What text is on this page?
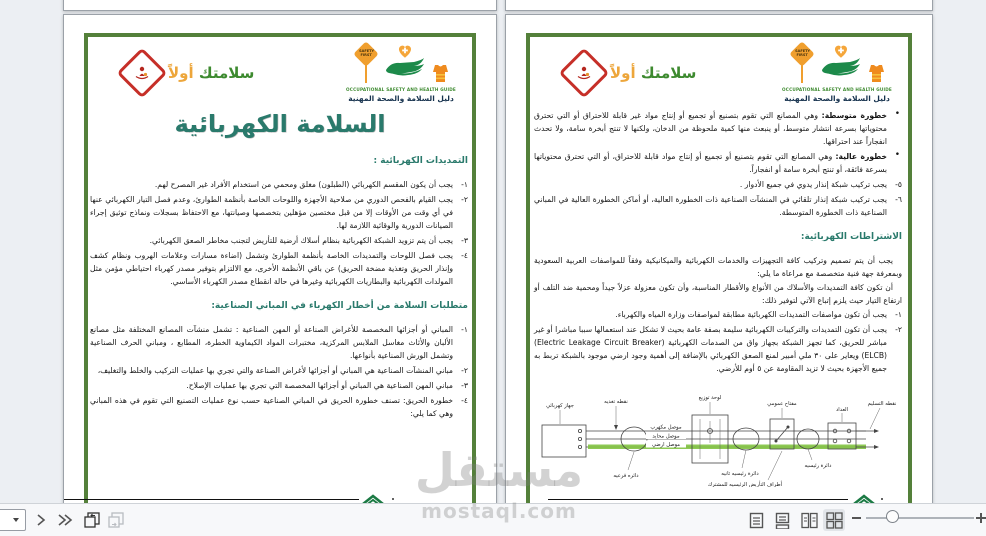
سلامتك أولاً
SAFETY FIRST
OCCUPATIONAL SAFETY AND HEALTH GUIDE
دليل السلامة والصحة المهنية
السلامة الكهربائية
التمديدات الكهربائية :
١-
يجب أن يكون المقسم الكهربائي (الطبلون) مغلق ومحمي من استخدام الأفراد غير المصرح لهم.
٢-
يجب القيام بالفحص الدوري من صلاحية الأجهزة واللوحات الخاصة بأنظمة الطوارئ، وعدم فصل التيار الكهربائي عنها في أي وقت من الأوقات إلا من قبل مختصين مؤهلين بتخصصها وصيانتها، مع الاحتفاظ بسجلات ونماذج توثيق إجراء الصيانات الدورية والوقائية اللازمة لها.
٣-
يجب أن يتم تزويد الشبكة الكهربائية بنظام أسلاك أرضية للتأريض لتجنب مخاطر الصعق الكهربائي.
٤-
يجب فصل اللوحات والتمديدات الخاصة بأنظمة الطوارئ وتشمل (اضاءة مسارات وعلامات الهروب ونظام كشف وإنذار الحريق وتغذية مضخة الحريق) عن باقي الأنظمة الأخرى، مع الالتزام بتوفير مصدر كهرباء احتياطي مؤمن مثل المولدات الكهربائية والبطاريات الكهربائية وغيرها في حالة انقطاع مصدر الكهرباء الأساسي.
متطلبات السلامة من أخطار الكهرباء في المباني الصناعية:
١-
المباني أو أجزائها المخصصة للأغراض الصناعة أو المهن الصناعية : تشمل منشآت المصانع المختلفة مثل مصانع الألبان والأثاث مغاسل الملابس المركزية، مختبرات المواد الكيماوية الخطرة، المطابع ، ومباني الحرف الصناعية وتشمل الورش الصناعية بأنواعها.
٢-
مباني المنشآت الصناعية هي المباني أو أجزائها لأغراض الصناعة والتي تجري بها عمليات التركيب والخلط والتغليف،
٣-
مباني المهن الصناعية هي المباني أو أجزائها المخصصة التي تجري بها عمليات الإصلاح.
٤-
خطورة الحريق: تصنف خطورة الحريق في المباني الصناعية حسب نوع عمليات التصنيع التي تقوم في هذه المباني وهي كما يلي:
سلامتك أولاً
SAFETY FIRST
OCCUPATIONAL SAFETY AND HEALTH GUIDE
دليل السلامة والصحة المهنية
•
خطورة متوسطة: وهي المصانع التي تقوم بتصنيع أو تجميع أو إنتاج مواد غير قابلة للاحتراق أو التي تحترق محتوياتها بسرعة انتشار متوسط، أو ينبعث منها كمية ملحوظة من الدخان، ولكنها لا تنتج أبخرة سامة، ولا تحدث انفجاراً عند احتراقها.
•
خطورة عالية: وهي المصانع التي تقوم بتصنيع أو تجميع أو إنتاج مواد قابلة للاحتراق، أو التي تحترق محتوياتها بسرعة فائقة، أو تنتج أبخرة سامة أو انفجاراً.
٥-
يجب تركيب شبكة إنذار يدوي في جميع الأدوار .
٦-
يجب تركيب شبكة إنذار تلقائي في المنشآت الصناعية ذات الخطورة العالية، أو أماكن الخطورة العالية في المباني الصناعية ذات الخطورة المتوسطة.
الاشتراطات الكهربائية:
يجب أن يتم تصميم وتركيب كافة التجهيزات والخدمات الكهربائية والميكانيكية وفقاً للمواصفات العربية السعودية وبمعرفة جهة فنية متخصصة مع مراعاة ما يلي:
أن تكون كافة التمديدات والأسلاك من الأنواع والأقطار المناسبة، وأن تكون معزولة عزلاً جيداً ومحمية ضد التلف أو ارتفاع التيار حيث يلزم إتباع الآتي لتوفير ذلك:
١-
يجب أن تكون مواصفات التمديدات الكهربائية مطابقة لمواصفات وزارة المياه والكهرباء.
٢-
يجب أن تكون التمديدات والتركيبات الكهربائية سليمة بصفة عامة بحيث لا تشكل عند استعمالها سببا مباشرا أو غير مباشر للحريق، كما تجهز الشبكة بجهاز واق من الصدمات الكهربائية (Electric Leakage Circuit Breaker) (ELCB) ويعاير على ٣٠ ملي أمبير لمنع الصعق الكهربائي بالإضافة إلى أهمية وجود ارضي موجود بالشبكة تربط به جميع الأجهزة بحيث لا تزيد المقاومة عن ٥ أوم للأرضي.
جهاز كهربائي
نقطه تغذيه
دائره فرعيه
موصل مكهرب
موصل محايد
موصل ارضي
لوحة توزيع
دائرة رئيسيه ثانيه
مفتاح عمومي
دائرة رئيسيه
العداد
نقطه التسليم
أطراف التأريض الرئيسيه للمشترك
مستقل
mostaql.com
